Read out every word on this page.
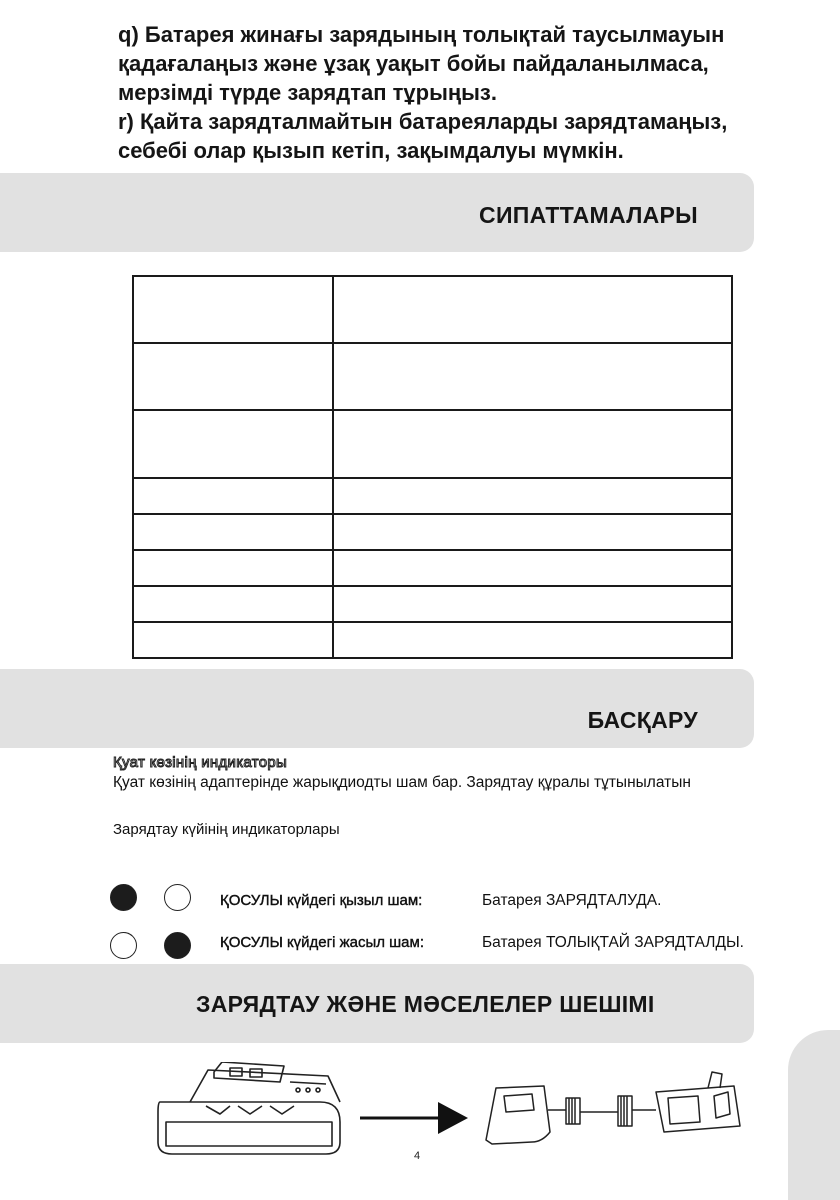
q) Батарея жинағы зарядының толықтай таусылмауын

қадағалаңыз және ұзақ уақыт бойы пайдаланылмаса,

мерзімді түрде зарядтап тұрыңыз.

r) Қайта зарядталмайтын батареяларды зарядтамаңыз,

себебі олар қызып кетіп, зақымдалуы мүмкін.

СИПАТТАМАЛАРЫ

БАСҚАРУ
Қуат көзінің индикаторы
Қуат көзінің адаптерінде жарықдиодты шам бар. Зарядтау құралы тұтынылатын
Зарядтау күйінің индикаторлары
ҚОСУЛЫ күйдегі қызыл шам:	Батарея ЗАРЯДТАЛУДА.
ҚОСУЛЫ күйдегі жасыл шам:	Батарея ТОЛЫҚТАЙ ЗАРЯДТАЛДЫ.
ЗАРЯДТАУ ЖӘНЕ МӘСЕЛЕЛЕР ШЕШІМІ
4
